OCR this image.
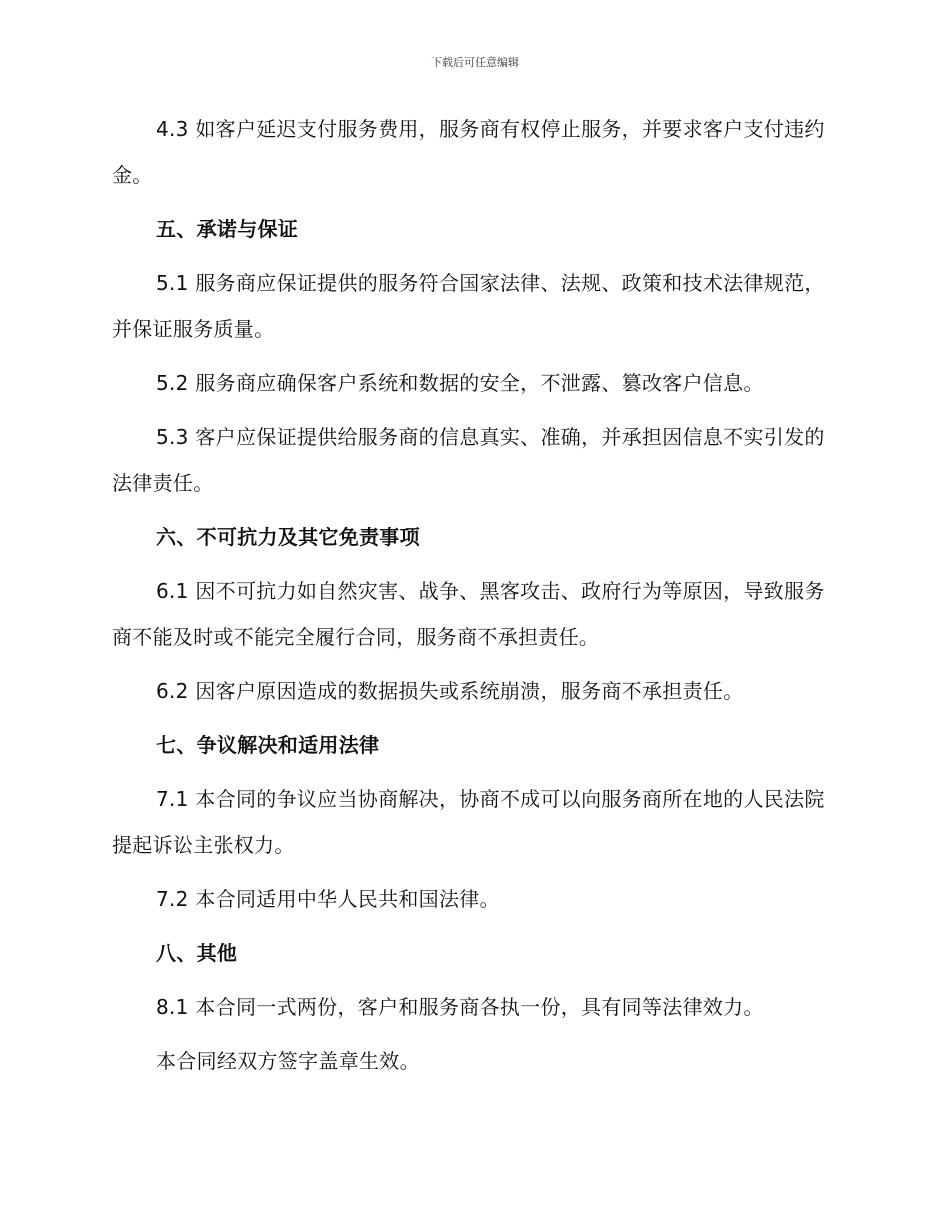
下载后可任意编辑

4.3 如客户延迟支付服务费用，服务商有权停止服务，并要求客户支付违约金。

五、承诺与保证

5.1 服务商应保证提供的服务符合国家法律、法规、政策和技术法律规范，并保证服务质量。

5.2 服务商应确保客户系统和数据的安全，不泄露、篡改客户信息。

5.3 客户应保证提供给服务商的信息真实、准确，并承担因信息不实引发的法律责任。

六、不可抗力及其它免责事项

6.1 因不可抗力如自然灾害、战争、黑客攻击、政府行为等原因，导致服务商不能及时或不能完全履行合同，服务商不承担责任。

6.2 因客户原因造成的数据损失或系统崩溃，服务商不承担责任。

七、争议解决和适用法律

7.1 本合同的争议应当协商解决，协商不成可以向服务商所在地的人民法院提起诉讼主张权力。

7.2 本合同适用中华人民共和国法律。

八、其他

8.1 本合同一式两份，客户和服务商各执一份，具有同等法律效力。

本合同经双方签字盖章生效。
